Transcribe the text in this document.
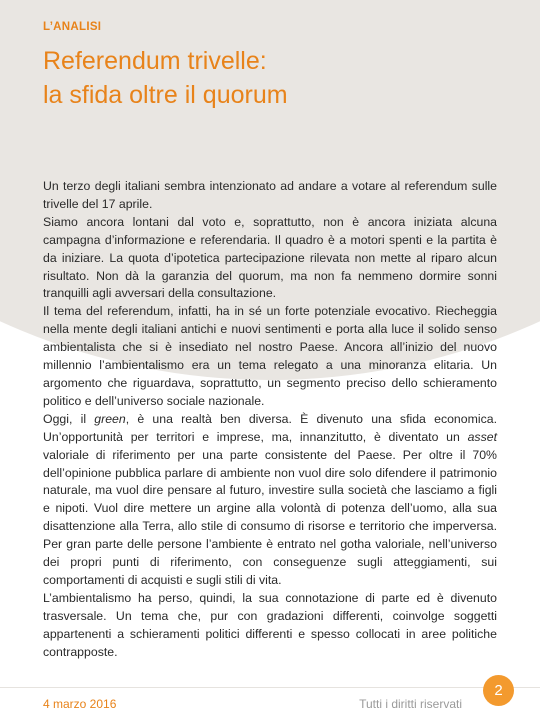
L’ANALISI
Referendum trivelle:
la sfida oltre il quorum

Un terzo degli italiani sembra intenzionato ad andare a votare al referendum sulle trivelle del 17 aprile.

Siamo ancora lontani dal voto e, soprattutto, non è ancora iniziata alcuna campagna d’informazione e referendaria. Il quadro è a motori spenti e la partita è da iniziare. La quota d’ipotetica partecipazione rilevata non mette al riparo alcun risultato. Non dà la garanzia del quorum, ma non fa nemmeno dormire sonni tranquilli agli avversari della consultazione.

Il tema del referendum, infatti, ha in sé un forte potenziale evocativo. Riecheggia nella mente degli italiani antichi e nuovi sentimenti e porta alla luce il solido senso ambientalista che si è insediato nel nostro Paese. Ancora all’inizio del nuovo millennio l’ambientalismo era un tema relegato a una minoranza elitaria. Un argomento che riguardava, soprattutto, un segmento preciso dello schieramento politico e dell’universo sociale nazionale.

Oggi, il green, è una realtà ben diversa. È divenuto una sfida economica. Un’opportunità per territori e imprese, ma, innanzitutto, è diventato un asset valoriale di riferimento per una parte consistente del Paese. Per oltre il 70% dell’opinione pubblica parlare di ambiente non vuol dire solo difendere il patrimonio naturale, ma vuol dire pensare al futuro, investire sulla società che lasciamo a figli e nipoti. Vuol dire mettere un argine alla volontà di potenza dell’uomo, alla sua disattenzione alla Terra, allo stile di consumo di risorse e territorio che imperversa. Per gran parte delle persone l’ambiente è entrato nel gotha valoriale, nell’universo dei propri punti di riferimento, con conseguenze sugli atteggiamenti, sui comportamenti di acquisti e sugli stili di vita.

L’ambientalismo ha perso, quindi, la sua connotazione di parte ed è divenuto trasversale. Un tema che, pur con gradazioni differenti, coinvolge soggetti appartenenti a schieramenti politici differenti e spesso collocati in aree politiche contrapposte.

4 marzo 2016	Tutti i diritti riservati
2
